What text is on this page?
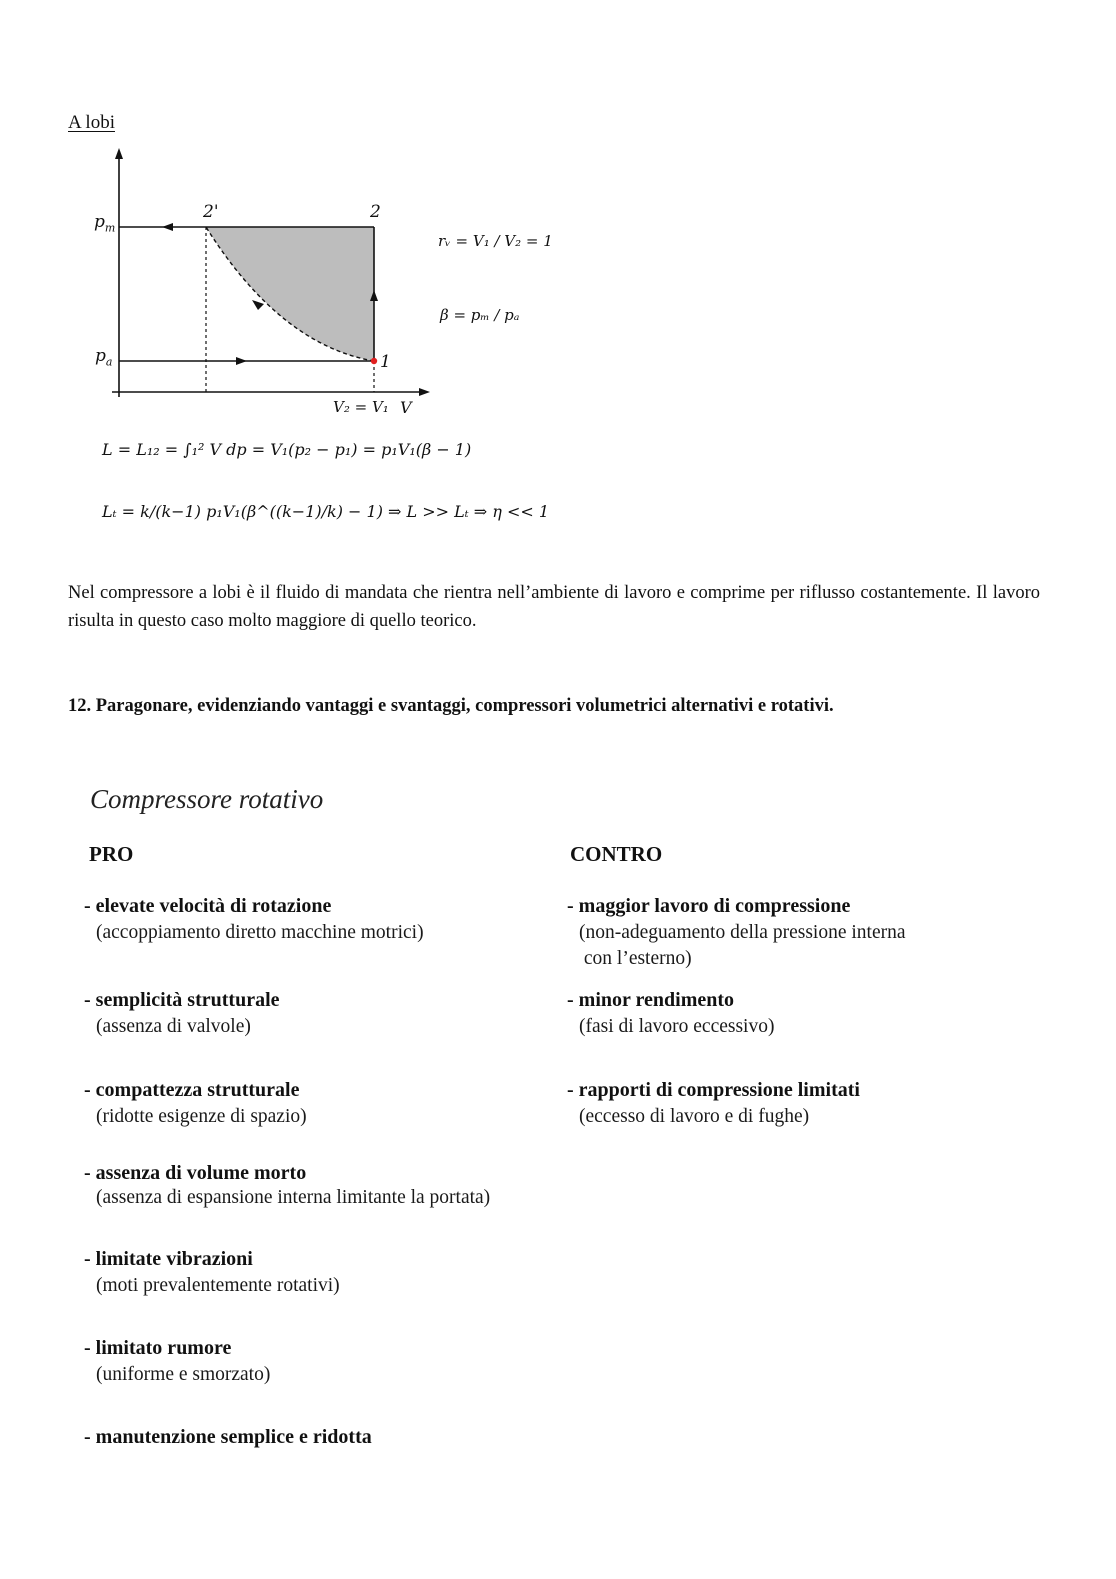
A lobi
$p_m$
$p_a$
2'	2
1
V₂ = V₁ V
rᵥ = V₁ / V₂ = 1
β = pₘ / pₐ
L = L₁₂ = ∫₁² V dp = V₁(p₂ − p₁) = p₁V₁(β − 1)
Lₜ = k/(k−1) p₁V₁(β^((k−1)/k) − 1) ⇒ L >> Lₜ ⇒ η << 1
Nel compressore a lobi è il fluido di mandata che rientra nell’ambiente di lavoro e comprime per riflusso costantemente. Il lavoro risulta in questo caso molto maggiore di quello teorico.
12. Paragonare, evidenziando vantaggi e svantaggi, compressori volumetrici alternativi e rotativi.
Compressore rotativo
PRO	CONTRO
- elevate velocità di rotazione
(accoppiamento diretto macchine motrici)
- semplicità strutturale
(assenza di valvole)
- compattezza strutturale
(ridotte esigenze di spazio)
- assenza di volume morto
(assenza di espansione interna limitante la portata)
- limitate vibrazioni
(moti prevalentemente rotativi)
- limitato rumore
(uniforme e smorzato)
- manutenzione semplice e ridotta
- maggior lavoro di compressione
(non-adeguamento della pressione interna
con l’esterno)
- minor rendimento
(fasi di lavoro eccessivo)
- rapporti di compressione limitati
(eccesso di lavoro e di fughe)
